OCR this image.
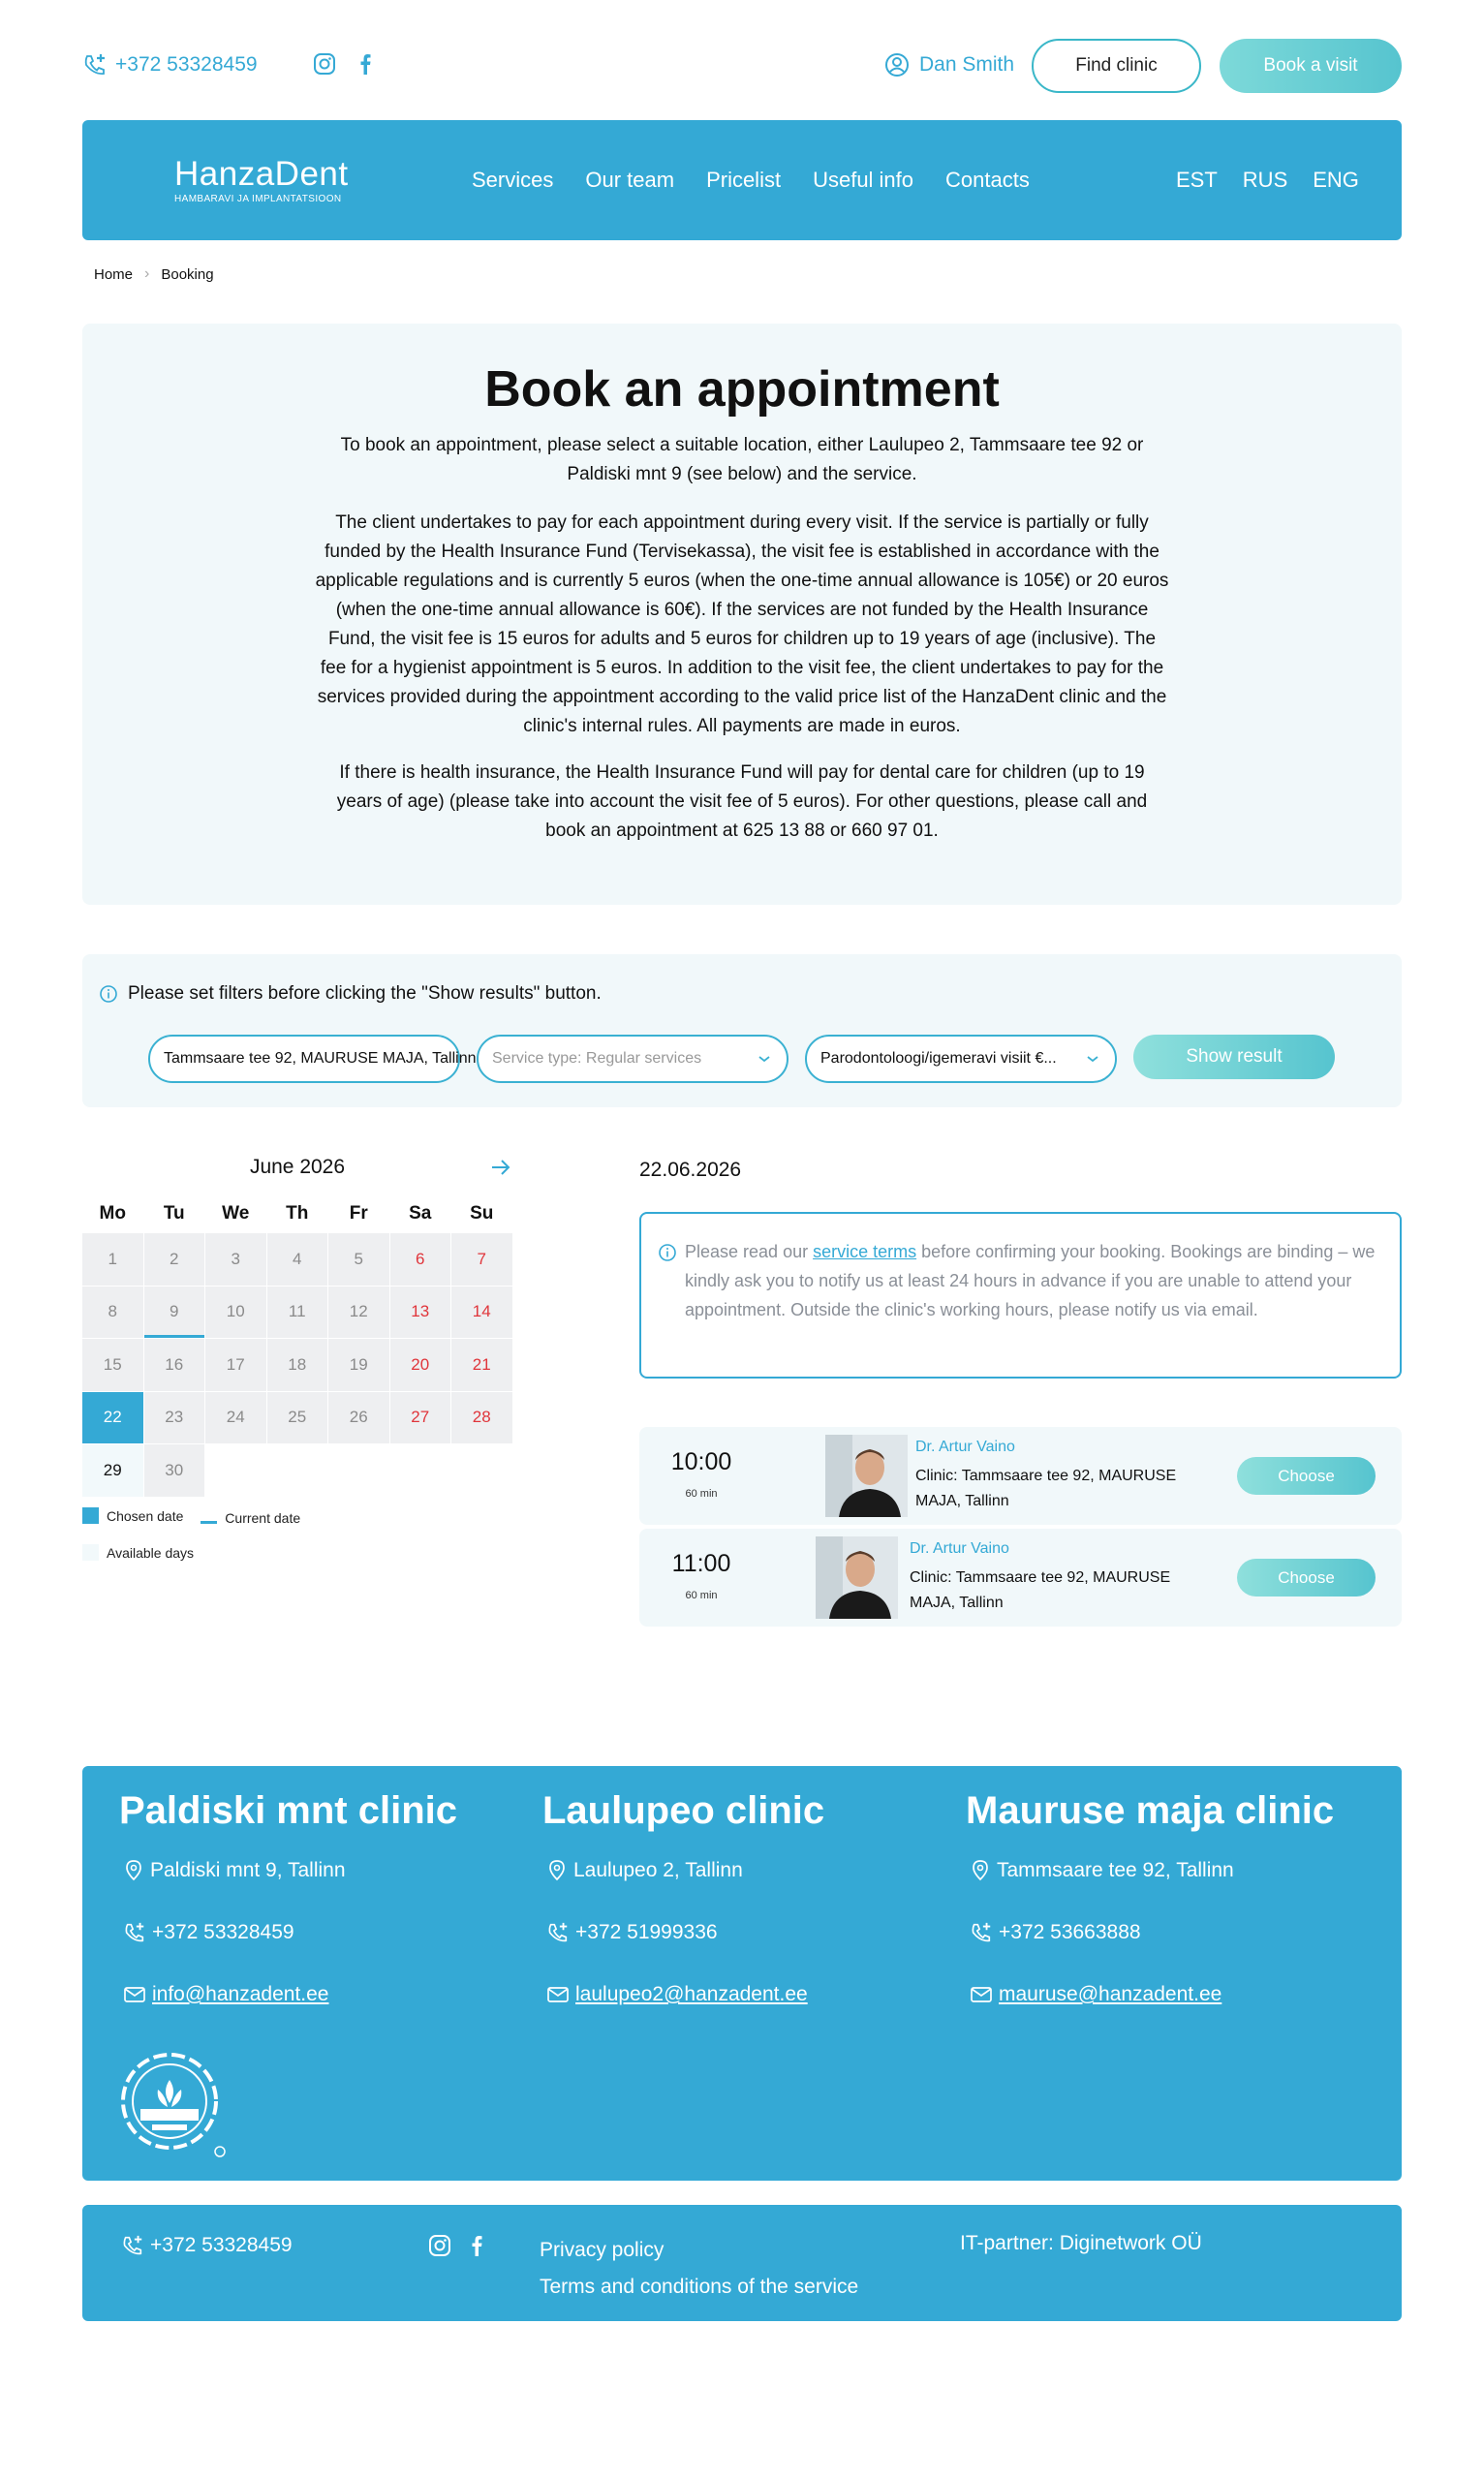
+372 53328459	Dan Smith	Find clinic	Book a visit
HanzaDent
HAMBARAVI JA IMPLANTATSIOON
Services Our team Pricelist Useful info Contacts	EST RUS ENG
Home › Booking
Book an appointment
To book an appointment, please select a suitable location, either Laulupeo 2, Tammsaare tee 92 or Paldiski mnt 9 (see below) and the service.
The client undertakes to pay for each appointment during every visit. If the service is partially or fully funded by the Health Insurance Fund (Tervisekassa), the visit fee is established in accordance with the applicable regulations and is currently 5 euros (when the one-time annual allowance is 105€) or 20 euros (when the one-time annual allowance is 60€). If the services are not funded by the Health Insurance Fund, the visit fee is 15 euros for adults and 5 euros for children up to 19 years of age (inclusive). The fee for a hygienist appointment is 5 euros. In addition to the visit fee, the client undertakes to pay for the services provided during the appointment according to the valid price list of the HanzaDent clinic and the clinic's internal rules. All payments are made in euros.
If there is health insurance, the Health Insurance Fund will pay for dental care for children (up to 19 years of age) (please take into account the visit fee of 5 euros). For other questions, please call and book an appointment at 625 13 88 or 660 97 01.
Please set filters before clicking the "Show results" button.
Tammsaare tee 92, MAURUSE MAJA, Tallinn Service type: Regular services	Parodontoloogi/igemeravi visiit €...	Show result
June 2026
Mo	Tu	We	Th	Fr	Sa	Su
1	2	3	4	5	6	7
8	9	10	11	12	13	14
15	16	17	18	19	20	21
22	23	24	25	26	27	28
29	30
Chosen date
	Current date
Available days
22.06.2026
Please read our service terms before confirming your booking. Bookings are binding – we kindly ask you to notify us at least 24 hours in advance if you are unable to attend your appointment. Outside the clinic's working hours, please notify us via email.
10:00
60 min
Dr. Artur Vaino
Clinic: Tammsaare tee 92, MAURUSE MAJA, Tallinn
Choose
11:00
60 min
Dr. Artur Vaino
Clinic: Tammsaare tee 92, MAURUSE MAJA, Tallinn
Choose
Paldiski mnt clinic
Paldiski mnt 9, Tallinn
+372 53328459
info@hanzadent.ee
Laulupeo clinic
Laulupeo 2, Tallinn
+372 51999336
laulupeo2@hanzadent.ee
Mauruse maja clinic
Tammsaare tee 92, Tallinn
+372 53663888
mauruse@hanzadent.ee
+372 53328459	Privacy policy
Terms and conditions of the service
IT-partner: Diginetwork OÜ
